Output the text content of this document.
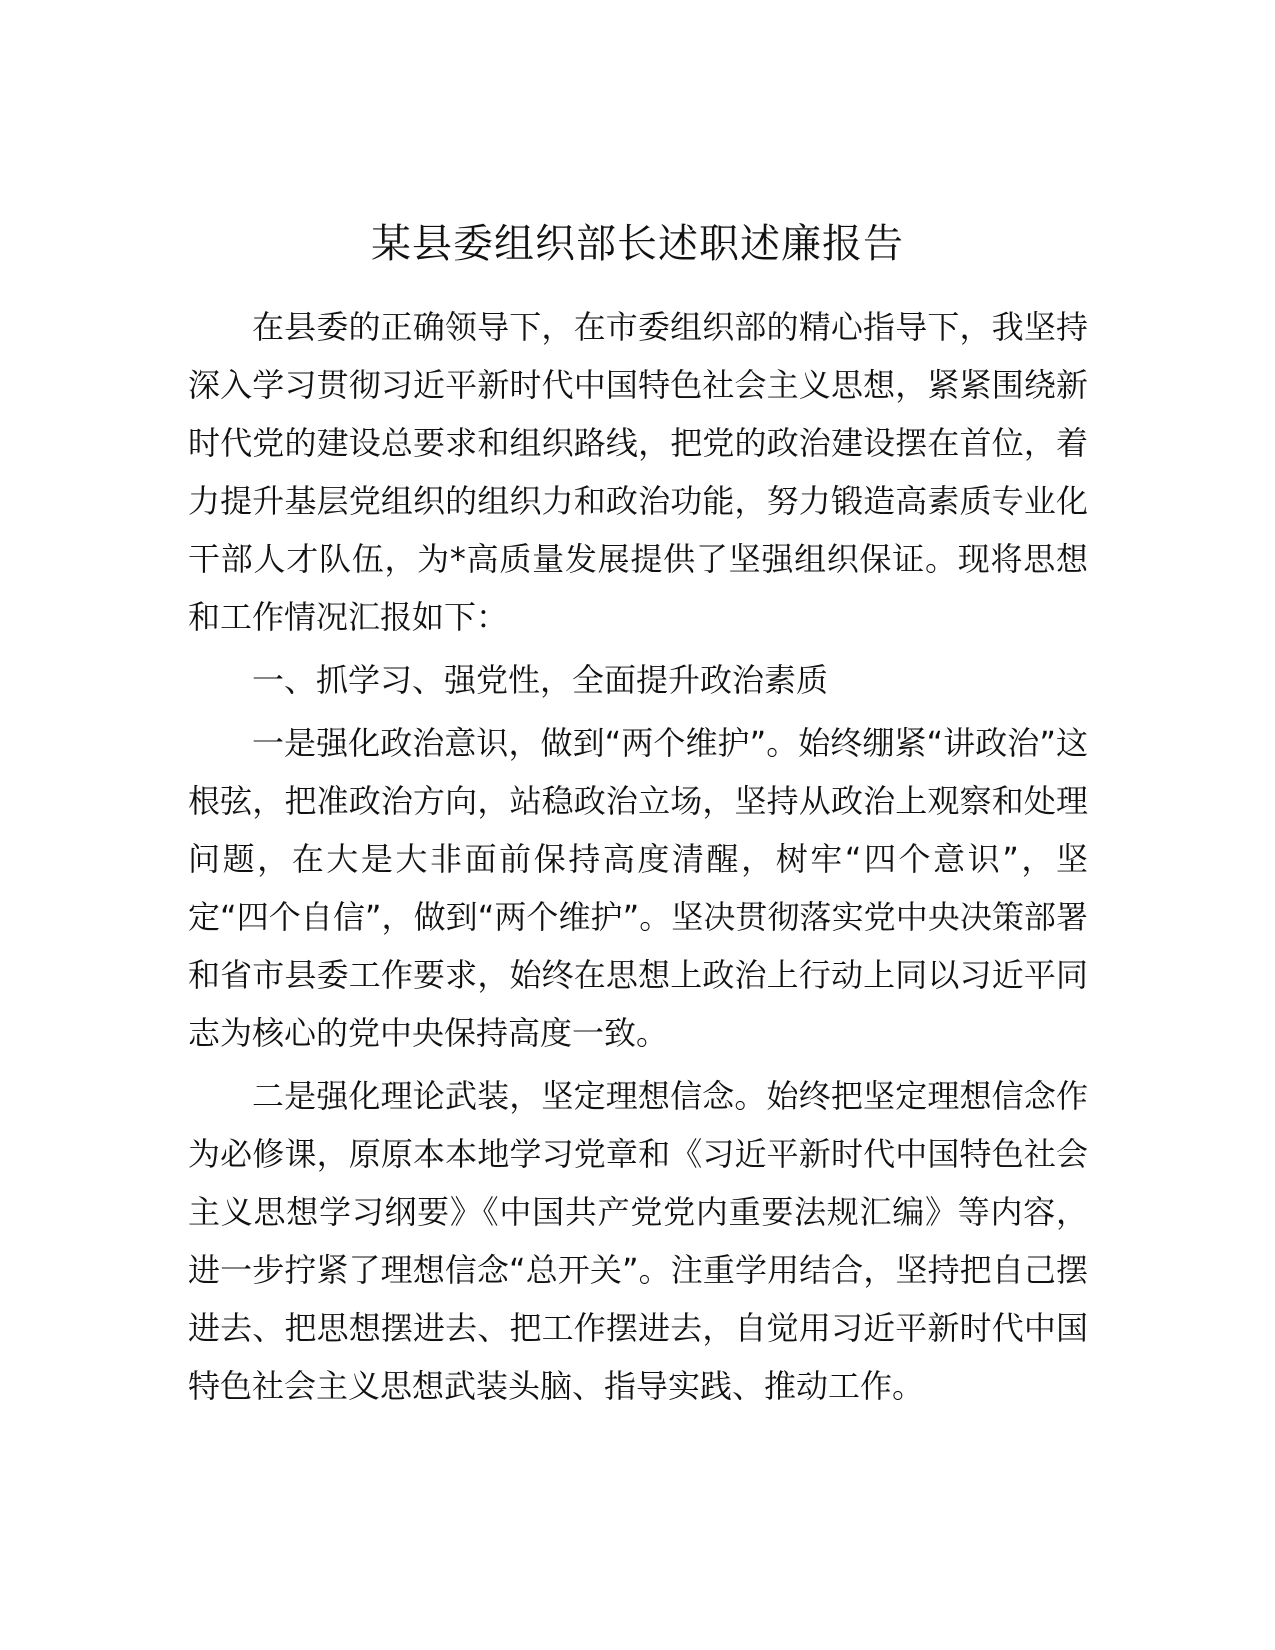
某县委组织部长述职述廉报告

在县委的正确领导下，在市委组织部的精心指导下，我坚持深入学习贯彻习近平新时代中国特色社会主义思想，紧紧围绕新时代党的建设总要求和组织路线，把党的政治建设摆在首位，着力提升基层党组织的组织力和政治功能，努力锻造高素质专业化干部人才队伍，为*高质量发展提供了坚强组织保证。现将思想和工作情况汇报如下：

一、抓学习、强党性，全面提升政治素质

一是强化政治意识，做到“两个维护”。始终绷紧“讲政治”这根弦，把准政治方向，站稳政治立场，坚持从政治上观察和处理问题，在大是大非面前保持高度清醒，树牢“四个意识”，坚定“四个自信”，做到“两个维护”。坚决贯彻落实党中央决策部署和省市县委工作要求，始终在思想上政治上行动上同以习近平同志为核心的党中央保持高度一致。

二是强化理论武装，坚定理想信念。始终把坚定理想信念作为必修课，原原本本地学习党章和《习近平新时代中国特色社会主义思想学习纲要》《中国共产党党内重要法规汇编》等内容，进一步拧紧了理想信念“总开关”。注重学用结合，坚持把自己摆进去、把思想摆进去、把工作摆进去，自觉用习近平新时代中国特色社会主义思想武装头脑、指导实践、推动工作。
